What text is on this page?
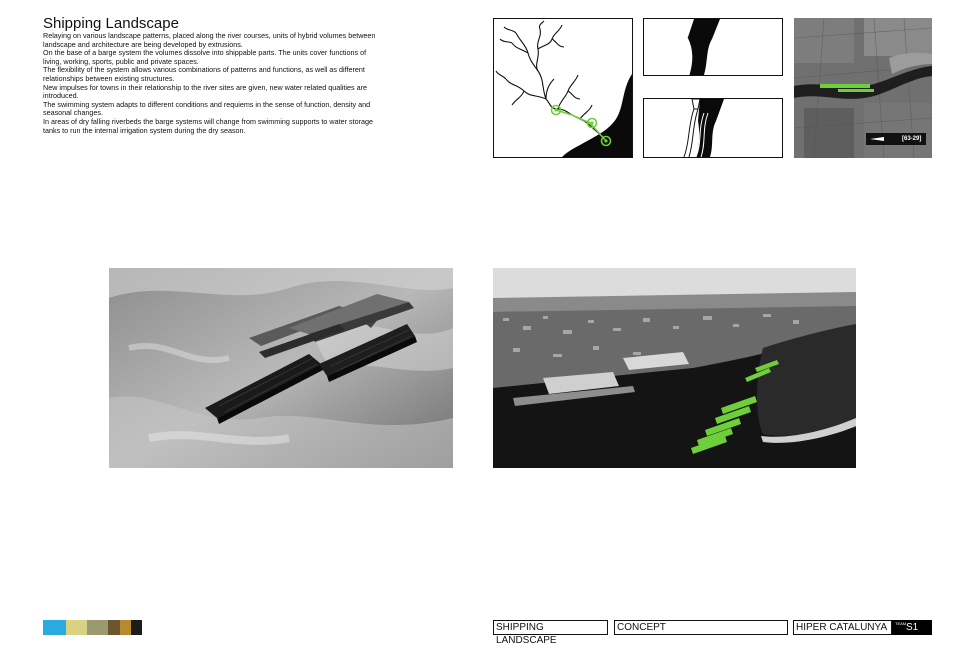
Shipping Landscape

Relaying on various landscape patterns, placed along the river courses, units of hybrid volumes between landscape and architecture are being developed by extrusions.

On the base of a barge system the volumes dissolve into shippable parts. The units cover functions of living, working, sports, public and private spaces.

The flexibility of the system allows various combinations of patterns and functions, as well as different relationships between existing structures.

New impulses for towns in their relationship to the river sites are given, new water related qualities are introduced.

The swimming system adapts to different conditions and requiems in the sense of function, density and seasonal changes.

In areas of dry falling riverbeds the barge systems will change from swimming supports to water storage tanks to run the internal irrigation system during the dry season.

[63-29]
SHIPPING LANDSCAPE
CONCEPT	HIPER CATALUNYA	TEAM S1
